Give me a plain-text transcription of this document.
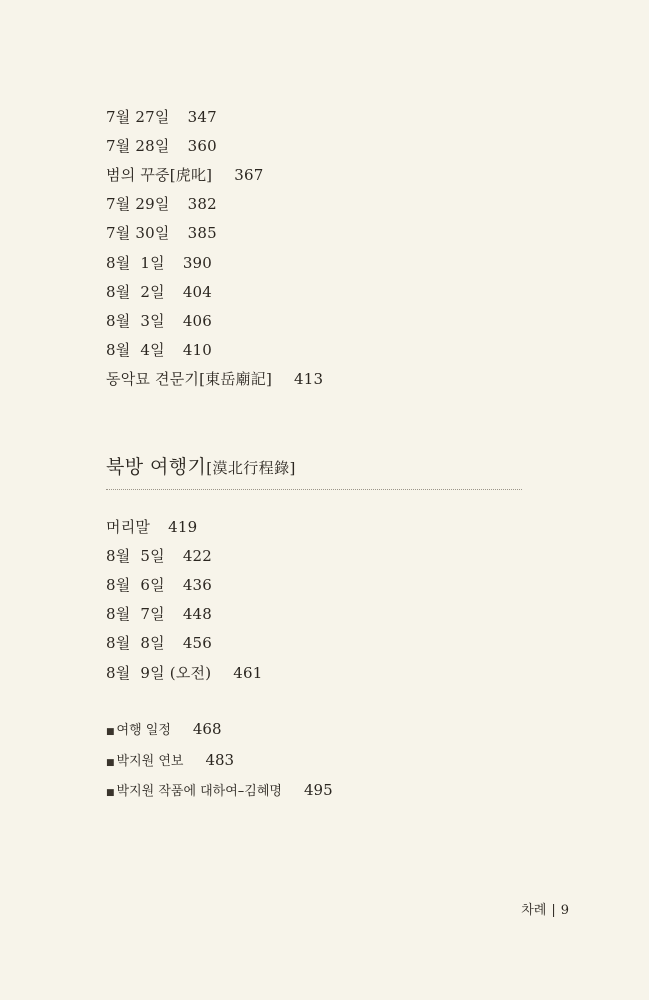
7월 27일 347
7월 28일 360
범의 꾸중[虎叱] 367
7월 29일 382
7월 30일 385
8월  1일 390
8월  2일 404
8월  3일 406
8월  4일 410
동악묘 견문기[東岳廟記] 413
북방 여행기[漠北行程錄]
머리말 419
8월  5일 422
8월  6일 436
8월  7일 448
8월  8일 456
8월  9일 (오전) 461
■ 여행 일정 468
■ 박지원 연보 483
■ 박지원 작품에 대하여–김혜명 495
차례 | 9
